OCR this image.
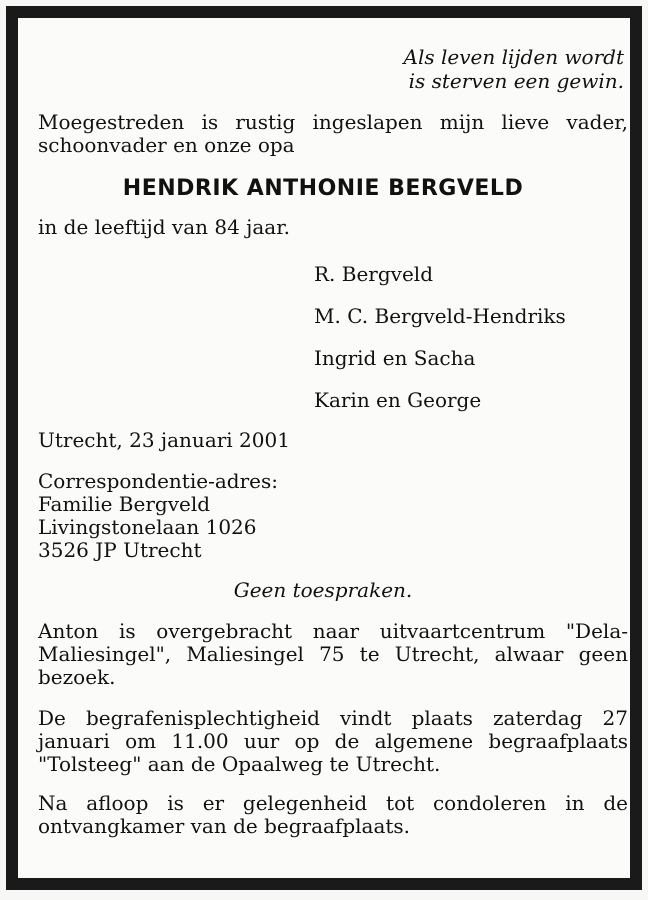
Als leven lijden wordt
is sterven een gewin.

Moegestreden is rustig ingeslapen mijn lieve vader, schoonvader en onze opa

HENDRIK ANTHONIE BERGVELD

in de leeftijd van 84 jaar.

R. Bergveld
M. C. Bergveld-Hendriks
Ingrid en Sacha
Karin en George

Utrecht, 23 januari 2001

Correspondentie-adres:
Familie Bergveld
Livingstonelaan 1026
3526 JP Utrecht

Geen toespraken.

Anton is overgebracht naar uitvaartcentrum "Dela-Maliesingel", Maliesingel 75 te Utrecht, alwaar geen bezoek.

De begrafenisplechtigheid vindt plaats zaterdag 27 januari om 11.00 uur op de algemene begraafplaats "Tolsteeg" aan de Opaalweg te Utrecht.

Na afloop is er gelegenheid tot condoleren in de ontvangkamer van de begraafplaats.
